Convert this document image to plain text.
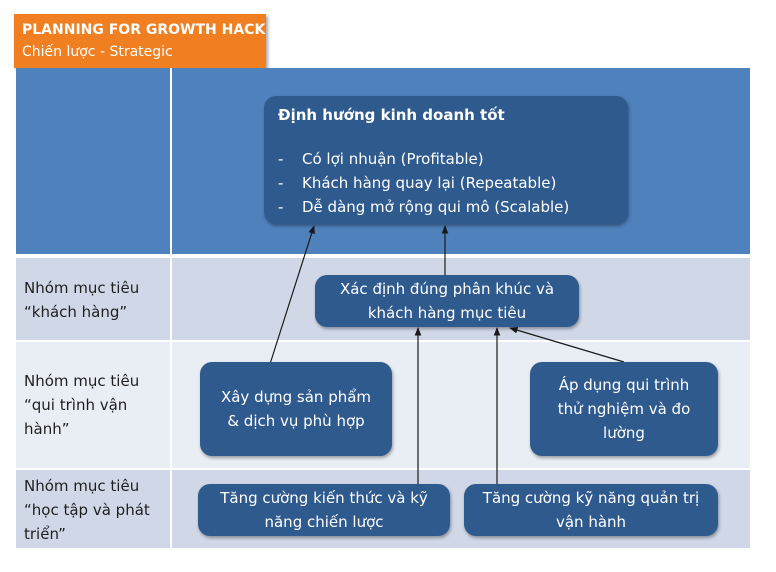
PLANNING FOR GROWTH HACK
Chiến lược - Strategic
Nhóm mục tiêu
“khách hàng”
Nhóm mục tiêu
“qui trình vận
hành”
Nhóm mục tiêu
“học tập và phát
triển”
Định hướng kinh doanh tốt
- Có lợi nhuận (Profitable)
- Khách hàng quay lại (Repeatable)
- Dễ dàng mở rộng qui mô (Scalable)
Xác định đúng phân khúc và
khách hàng mục tiêu
Xây dựng sản phẩm
& dịch vụ phù hợp
Áp dụng qui trình
thử nghiệm và đo
lường
Tăng cường kiến thức và kỹ
năng chiến lược
Tăng cường kỹ năng quản trị
vận hành
